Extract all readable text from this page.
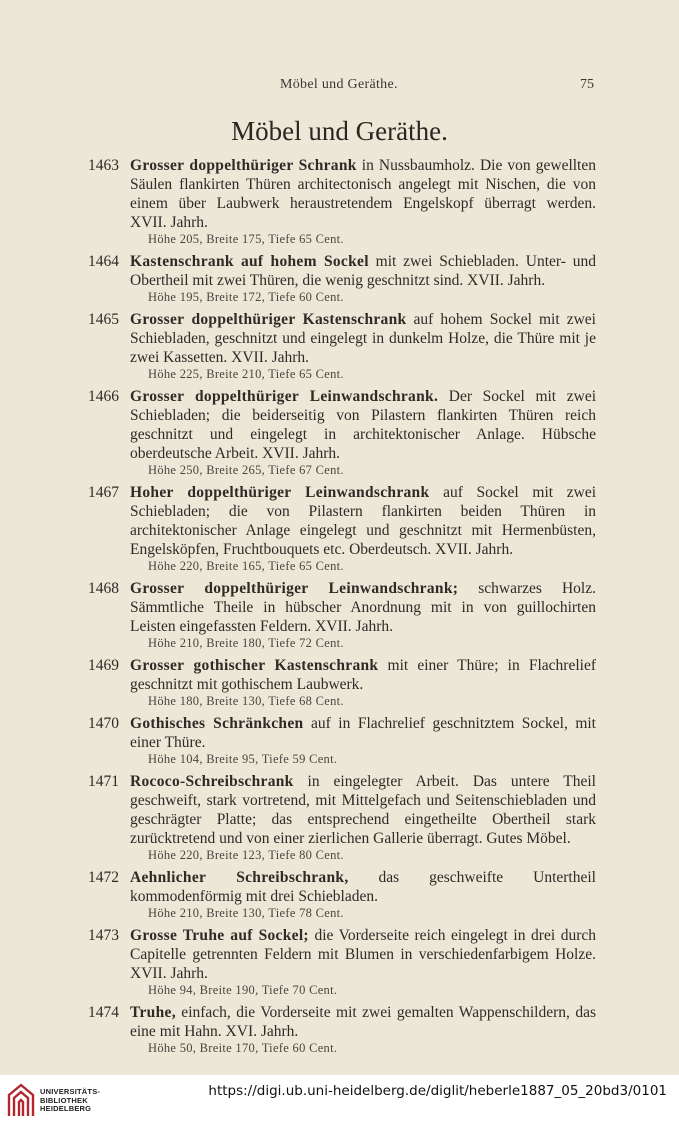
Möbel und Geräthe.	75
Möbel und Geräthe.
1463 Grosser doppelthüriger Schrank in Nussbaumholz. Die von gewellten Säulen flankirten Thüren architectonisch angelegt mit Nischen, die von einem über Laubwerk heraustretendem Engelskopf überragt werden. XVII. Jahrh.
Höhe 205, Breite 175, Tiefe 65 Cent.
1464 Kastenschrank auf hohem Sockel mit zwei Schiebladen. Unter- und Obertheil mit zwei Thüren, die wenig geschnitzt sind. XVII. Jahrh.
Höhe 195, Breite 172, Tiefe 60 Cent.
1465 Grosser doppelthüriger Kastenschrank auf hohem Sockel mit zwei Schiebladen, geschnitzt und eingelegt in dunkelm Holze, die Thüre mit je zwei Kassetten. XVII. Jahrh.
Höhe 225, Breite 210, Tiefe 65 Cent.
1466 Grosser doppelthüriger Leinwandschrank. Der Sockel mit zwei Schiebladen; die beiderseitig von Pilastern flankirten Thüren reich geschnitzt und eingelegt in architektonischer Anlage. Hübsche oberdeutsche Arbeit. XVII. Jahrh.
Höhe 250, Breite 265, Tiefe 67 Cent.
1467 Hoher doppelthüriger Leinwandschrank auf Sockel mit zwei Schiebladen; die von Pilastern flankirten beiden Thüren in architektonischer Anlage eingelegt und geschnitzt mit Hermenbüsten, Engelsköpfen, Fruchtbouquets etc. Oberdeutsch. XVII. Jahrh.
Höhe 220, Breite 165, Tiefe 65 Cent.
1468 Grosser doppelthüriger Leinwandschrank; schwarzes Holz. Sämmtliche Theile in hübscher Anordnung mit in von guillochirten Leisten eingefassten Feldern. XVII. Jahrh.
Höhe 210, Breite 180, Tiefe 72 Cent.
1469 Grosser gothischer Kastenschrank mit einer Thüre; in Flachrelief geschnitzt mit gothischem Laubwerk.
Höhe 180, Breite 130, Tiefe 68 Cent.
1470 Gothisches Schränkchen auf in Flachrelief geschnitztem Sockel, mit einer Thüre.
Höhe 104, Breite 95, Tiefe 59 Cent.
1471 Rococo-Schreibschrank in eingelegter Arbeit. Das untere Theil geschweift, stark vortretend, mit Mittelgefach und Seitenschiebladen und geschrägter Platte; das entsprechend eingetheilte Obertheil stark zurücktretend und von einer zierlichen Gallerie überragt. Gutes Möbel.
Höhe 220, Breite 123, Tiefe 80 Cent.
1472 Aehnlicher Schreibschrank, das geschweifte Untertheil kommodenförmig mit drei Schiebladen.
Höhe 210, Breite 130, Tiefe 78 Cent.
1473 Grosse Truhe auf Sockel; die Vorderseite reich eingelegt in drei durch Capitelle getrennten Feldern mit Blumen in verschiedenfarbigem Holze. XVII. Jahrh.
Höhe 94, Breite 190, Tiefe 70 Cent.
1474 Truhe, einfach, die Vorderseite mit zwei gemalten Wappenschildern, das eine mit Hahn. XVI. Jahrh.
Höhe 50, Breite 170, Tiefe 60 Cent.
UNIVERSITÄTS-
BIBLIOTHEK
HEIDELBERG
https://digi.ub.uni-heidelberg.de/diglit/heberle1887_05_20bd3/0101
